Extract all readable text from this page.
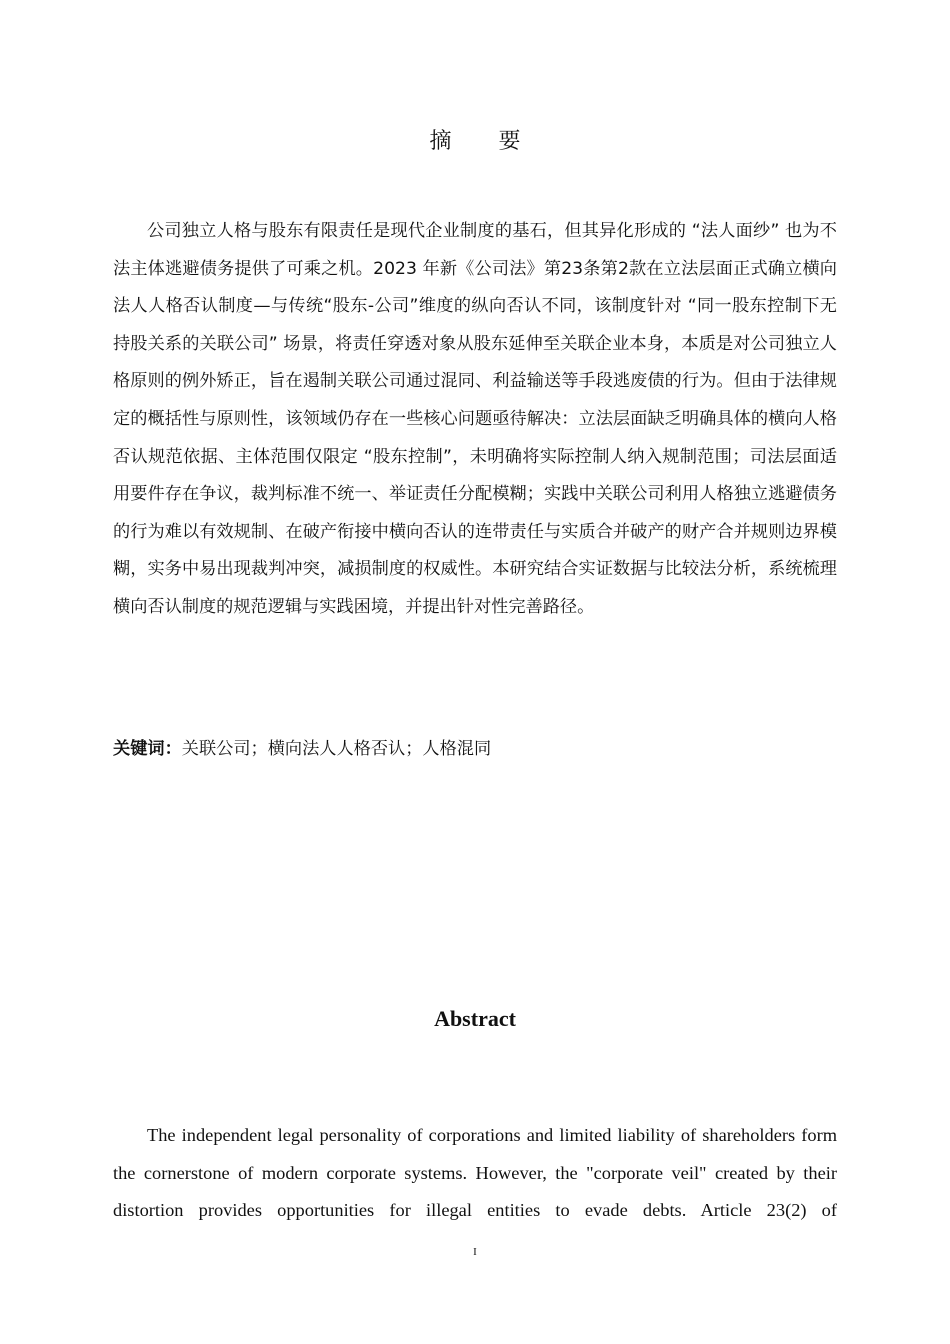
摘 要

公司独立人格与股东有限责任是现代企业制度的基石，但其异化形成的 “法人面纱” 也为不法主体逃避债务提供了可乘之机。2023 年新《公司法》第23条第2款在立法层面正式确立横向法人人格否认制度—与传统“股东-公司”维度的纵向否认不同，该制度针对 “同一股东控制下无持股关系的关联公司” 场景，将责任穿透对象从股东延伸至关联企业本身，本质是对公司独立人格原则的例外矫正，旨在遏制关联公司通过混同、利益输送等手段逃废债的行为。但由于法律规定的概括性与原则性，该领域仍存在一些核心问题亟待解决：立法层面缺乏明确具体的横向人格否认规范依据、主体范围仅限定 “股东控制”，未明确将实际控制人纳入规制范围；司法层面适用要件存在争议，裁判标准不统一、举证责任分配模糊；实践中关联公司利用人格独立逃避债务的行为难以有效规制、在破产衔接中横向否认的连带责任与实质合并破产的财产合并规则边界模糊，实务中易出现裁判冲突，减损制度的权威性。本研究结合实证数据与比较法分析，系统梳理横向否认制度的规范逻辑与实践困境，并提出针对性完善路径。

关键词：关联公司；横向法人人格否认；人格混同

Abstract

The independent legal personality of corporations and limited liability of shareholders form the cornerstone of modern corporate systems. However, the "corporate veil" created by their distortion provides opportunities for illegal entities to evade debts. Article 23(2) of

I
